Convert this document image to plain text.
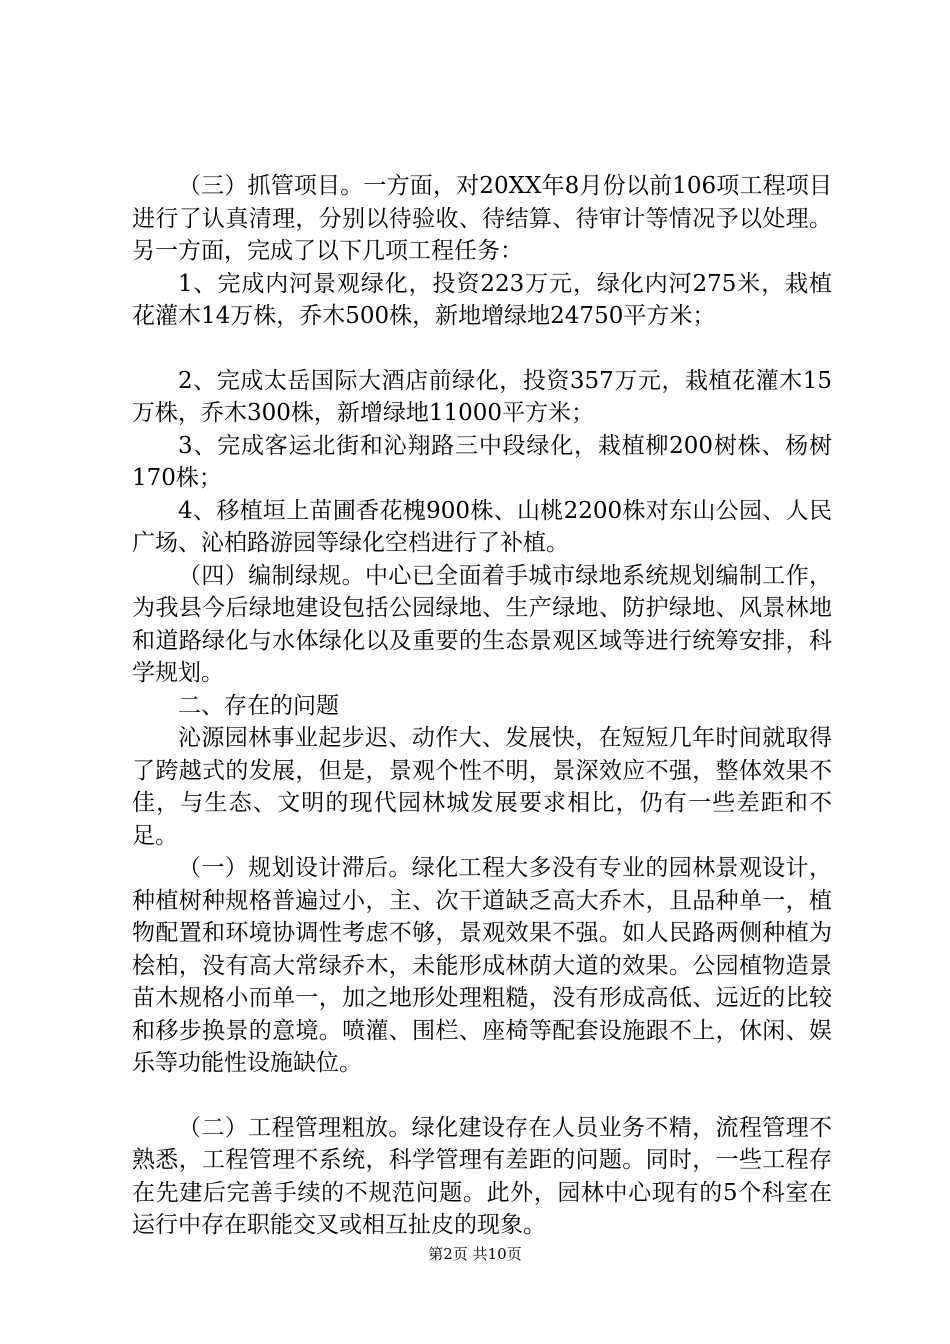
（三）抓管项目。一方面，对20XX年8月份以前106项工程项目进行了认真清理，分别以待验收、待结算、待审计等情况予以处理。另一方面，完成了以下几项工程任务：

1、完成内河景观绿化，投资223万元，绿化内河275米，栽植花灌木14万株，乔木500株，新地增绿地24750平方米；

2、完成太岳国际大酒店前绿化，投资357万元，栽植花灌木15万株，乔木300株，新增绿地11000平方米；

3、完成客运北街和沁翔路三中段绿化，栽植柳200树株、杨树170株；

4、移植垣上苗圃香花槐900株、山桃2200株对东山公园、人民广场、沁柏路游园等绿化空档进行了补植。

（四）编制绿规。中心已全面着手城市绿地系统规划编制工作，为我县今后绿地建设包括公园绿地、生产绿地、防护绿地、风景林地和道路绿化与水体绿化以及重要的生态景观区域等进行统筹安排，科学规划。

二、存在的问题

沁源园林事业起步迟、动作大、发展快，在短短几年时间就取得了跨越式的发展，但是，景观个性不明，景深效应不强，整体效果不佳，与生态、文明的现代园林城发展要求相比，仍有一些差距和不足。

（一）规划设计滞后。绿化工程大多没有专业的园林景观设计，种植树种规格普遍过小，主、次干道缺乏高大乔木，且品种单一，植物配置和环境协调性考虑不够，景观效果不强。如人民路两侧种植为桧柏，没有高大常绿乔木，未能形成林荫大道的效果。公园植物造景苗木规格小而单一，加之地形处理粗糙，没有形成高低、远近的比较和移步换景的意境。喷灌、围栏、座椅等配套设施跟不上，休闲、娱乐等功能性设施缺位。

（二）工程管理粗放。绿化建设存在人员业务不精，流程管理不熟悉，工程管理不系统，科学管理有差距的问题。同时，一些工程存在先建后完善手续的不规范问题。此外，园林中心现有的5个科室在运行中存在职能交叉或相互扯皮的现象。

第2页 共10页
